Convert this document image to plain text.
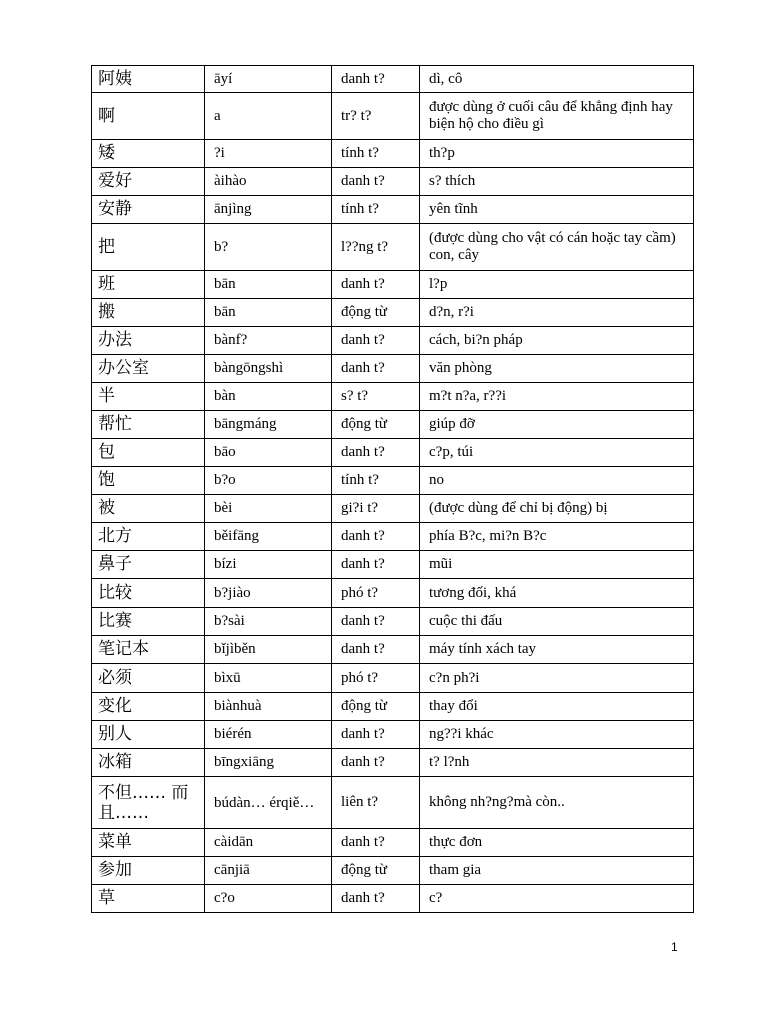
阿姨	āyí	danh t?	dì, cô
啊	a	tr? t?	được dùng ở cuối câu để khẳng định hay biện hộ cho điều gì
矮	?i	tính t?	th?p
爱好	àihào	danh t?	s? thích
安静	ānjìng	tính t?	yên tĩnh
把	b?	l??ng t?	(được dùng cho vật có cán hoặc tay cầm) con, cây
班	bān	danh t?	l?p
搬	bān	động từ	d?n, r?i
办法	bànf?	danh t?	cách, bi?n pháp
办公室	bàngōngshì	danh t?	văn phòng
半	bàn	s? t?	m?t n?a, r??i
帮忙	bāngmáng	động từ	giúp đỡ
包	bāo	danh t?	c?p, túi
饱	b?o	tính t?	no
被	bèi	gi?i t?	(được dùng để chỉ bị động) bị
北方	běifāng	danh t?	phía B?c, mi?n B?c
鼻子	bízi	danh t?	mũi
比较	b?jiào	phó t?	tương đối, khá
比赛	b?sài	danh t?	cuộc thi đấu
笔记本	bǐjìběn	danh t?	máy tính xách tay
必须	bìxū	phó t?	c?n ph?i
变化	biànhuà	động từ	thay đổi
别人	biérén	danh t?	ng??i khác
冰箱	bīngxiāng	danh t?	t? l?nh
不但…… 而且……	búdàn… érqiě…	liên t?	không nh?ng?mà còn..
菜单	càidān	danh t?	thực đơn
参加	cānjiā	động từ	tham gia
草	c?o	danh t?	c?
1
